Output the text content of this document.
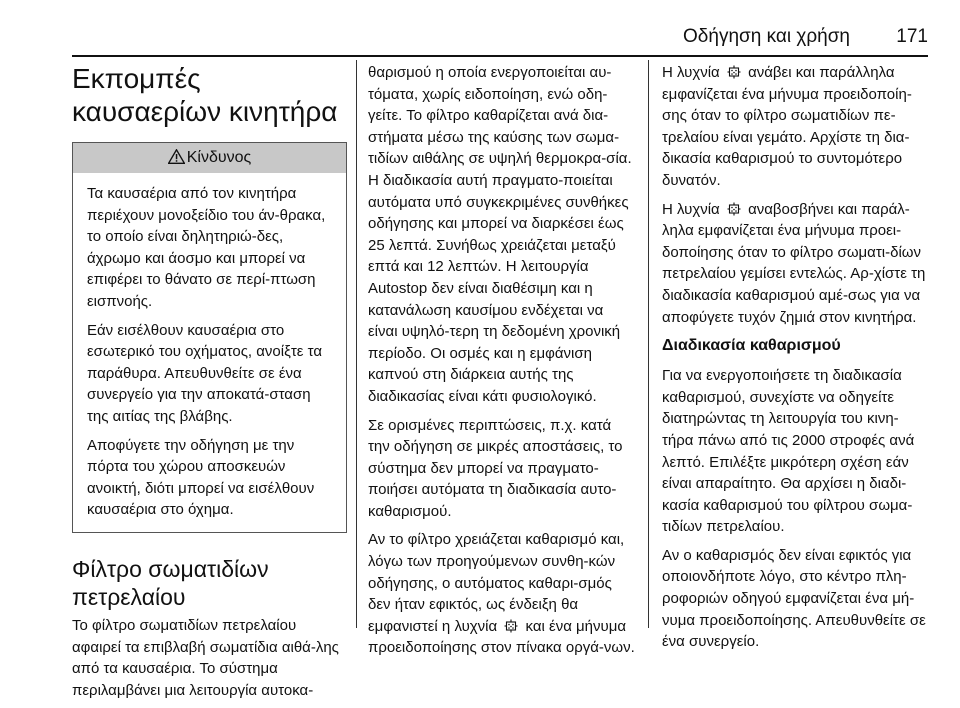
Οδήγηση και χρήση	171
Εκπομπές καυσαερίων κινητήρα
Κίνδυνος

Τα καυσαέρια από τον κινητήρα περιέχουν μονοξείδιο του άν-θρακα, το οποίο είναι δηλητηριώ-δες, άχρωμο και άοσμο και μπορεί να επιφέρει το θάνατο σε περί-πτωση εισπνοής.

Εάν εισέλθουν καυσαέρια στο εσωτερικό του οχήματος, ανοίξτε τα παράθυρα. Απευθυνθείτε σε ένα συνεργείο για την αποκατά-σταση της αιτίας της βλάβης.

Αποφύγετε την οδήγηση με την πόρτα του χώρου αποσκευών ανοικτή, διότι μπορεί να εισέλθουν καυσαέρια στο όχημα.

Φίλτρο σωματιδίων πετρελαίου

Το φίλτρο σωματιδίων πετρελαίου αφαιρεί τα επιβλαβή σωματίδια αιθά-λης από τα καυσαέρια. Το σύστημα περιλαμβάνει μια λειτουργία αυτοκα-

θαρισμού η οποία ενεργοποιείται αυ-τόματα, χωρίς ειδοποίηση, ενώ οδη-γείτε. Το φίλτρο καθαρίζεται ανά δια-στήματα μέσω της καύσης των σωμα-τιδίων αιθάλης σε υψηλή θερμοκρα-σία. Η διαδικασία αυτή πραγματο-ποιείται αυτόματα υπό συγκεκριμένες συνθήκες οδήγησης και μπορεί να διαρκέσει έως 25 λεπτά. Συνήθως χρειάζεται μεταξύ επτά και 12 λεπτών. Η λειτουργία Autostop δεν είναι διαθέσιμη και η κατανάλωση καυσίμου ενδέχεται να είναι υψηλό-τερη τη δεδομένη χρονική περίοδο. Οι οσμές και η εμφάνιση καπνού στη διάρκεια αυτής της διαδικασίας είναι κάτι φυσιολογικό.

Σε ορισμένες περιπτώσεις, π.χ. κατά την οδήγηση σε μικρές αποστάσεις, το σύστημα δεν μπορεί να πραγματο-ποιήσει αυτόματα τη διαδικασία αυτο-καθαρισμού.

Αν το φίλτρο χρειάζεται καθαρισμό και, λόγω των προηγούμενων συνθη-κών οδήγησης, ο αυτόματος καθαρι-σμός δεν ήταν εφικτός, ως ένδειξη θα εμφανιστεί η λυχνία και ένα μήνυμα προειδοποίησης στον πίνακα οργά-νων.

Η λυχνία ανάβει και παράλληλα εμφανίζεται ένα μήνυμα προειδοποίη-σης όταν το φίλτρο σωματιδίων πε-τρελαίου είναι γεμάτο. Αρχίστε τη δια-δικασία καθαρισμού το συντομότερο δυνατόν.

Η λυχνία αναβοσβήνει και παράλ-ληλα εμφανίζεται ένα μήνυμα προει-δοποίησης όταν το φίλτρο σωματι-δίων πετρελαίου γεμίσει εντελώς. Αρ-χίστε τη διαδικασία καθαρισμού αμέ-σως για να αποφύγετε τυχόν ζημιά στον κινητήρα.

Διαδικασία καθαρισμού

Για να ενεργοποιήσετε τη διαδικασία καθαρισμού, συνεχίστε να οδηγείτε διατηρώντας τη λειτουργία του κινη-τήρα πάνω από τις 2000 στροφές ανά λεπτό. Επιλέξτε μικρότερη σχέση εάν είναι απαραίτητο. Θα αρχίσει η διαδι-κασία καθαρισμού του φίλτρου σωμα-τιδίων πετρελαίου.

Αν ο καθαρισμός δεν είναι εφικτός για οποιονδήποτε λόγο, στο κέντρο πλη-ροφοριών οδηγού εμφανίζεται ένα μή-νυμα προειδοποίησης. Απευθυνθείτε σε ένα συνεργείο.
